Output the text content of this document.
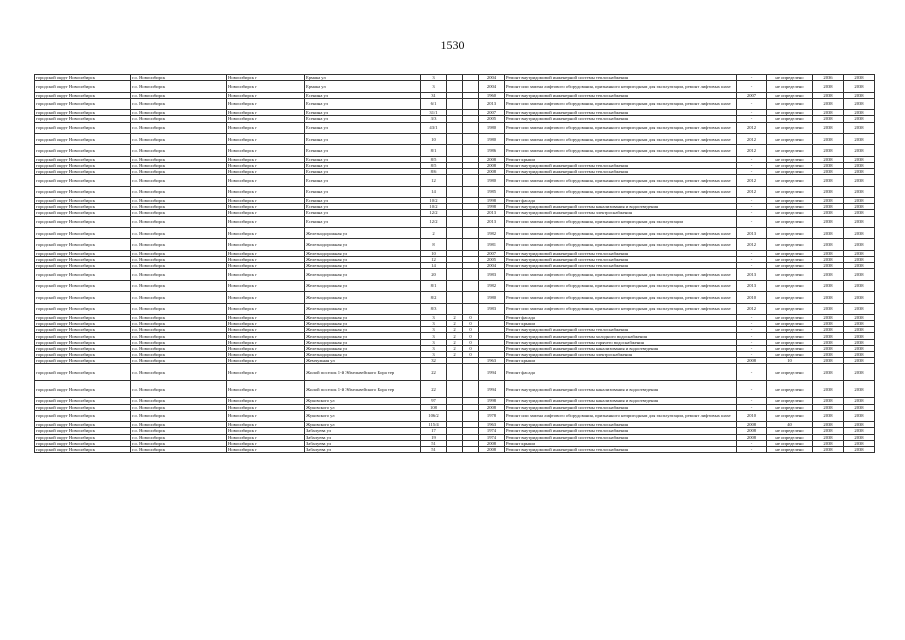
1530
городской округ Новосибирск	г.о. Новосибирск	Новосибирск г	Ермака ул	3			2004	Ремонт внутридомовой инженерной системы теплоснабжения	-	не определено	2036	2038
городской округ Новосибирск	г.о. Новосибирск	Новосибирск г	Ермака ул	3			2004	Ремонт или замена лифтового оборудования, признанного непригодным для эксплуатации, ремонт лифтовых шахт	-	не определено	2038	2038
городской округ Новосибирск	г.о. Новосибирск	Новосибирск г	Есенина ул	31			1960	Ремонт внутридомовой инженерной системы теплоснабжения	2007	не определено	2038	2038
городской округ Новосибирск	г.о. Новосибирск	Новосибирск г	Есенина ул	6/1			2013	Ремонт или замена лифтового оборудования, признанного непригодным для эксплуатации, ремонт лифтовых шахт	-	не определено	2038	2038
городской округ Новосибирск	г.о. Новосибирск	Новосибирск г	Есенина ул	31/1			2007	Ремонт внутридомовой инженерной системы теплоснабжения	-	не определено	2038	2038
городской округ Новосибирск	г.о. Новосибирск	Новосибирск г	Есенина ул	3/3			2005	Ремонт внутридомовой инженерной системы теплоснабжения	-	не определено	2038	2038
городской округ Новосибирск	г.о. Новосибирск	Новосибирск г	Есенина ул	43/1			1980	Ремонт или замена лифтового оборудования, признанного непригодным для эксплуатации, ремонт лифтовых шахт	2012	не определено	2038	2038
городской округ Новосибирск	г.о. Новосибирск	Новосибирск г	Есенина ул	10			1980	Ремонт или замена лифтового оборудования, признанного непригодным для эксплуатации, ремонт лифтовых шахт	2012	не определено	2038	2038
городской округ Новосибирск	г.о. Новосибирск	Новосибирск г	Есенина ул	8/1			1986	Ремонт или замена лифтового оборудования, признанного непригодным для эксплуатации, ремонт лифтовых шахт	2012	не определено	2038	2038
городской округ Новосибирск	г.о. Новосибирск	Новосибирск г	Есенина ул	8/5			2008	Ремонт крыши	-	не определено	2038	2038
городской округ Новосибирск	г.о. Новосибирск	Новосибирск г	Есенина ул	8/5			2008	Ремонт внутридомовой инженерной системы теплоснабжения	-	не определено	2038	2038
городской округ Новосибирск	г.о. Новосибирск	Новосибирск г	Есенина ул	8/6			2008	Ремонт внутридомовой инженерной системы теплоснабжения	-	не определено	2038	2038
городской округ Новосибирск	г.о. Новосибирск	Новосибирск г	Есенина ул	12			1980	Ремонт или замена лифтового оборудования, признанного непригодным для эксплуатации, ремонт лифтовых шахт	2012	не определено	2038	2038
городской округ Новосибирск	г.о. Новосибирск	Новосибирск г	Есенина ул	14			1985	Ремонт или замена лифтового оборудования, признанного непригодным для эксплуатации, ремонт лифтовых шахт	2012	не определено	2038	2038
городской округ Новосибирск	г.о. Новосибирск	Новосибирск г	Есенина ул	10/2			1998	Ремонт фасада	-	не определено	2038	2038
городской округ Новосибирск	г.о. Новосибирск	Новосибирск г	Есенина ул	10/2			1998	Ремонт внутридомовой инженерной системы канализования и водоотведения	-	не определено	2038	2038
городской округ Новосибирск	г.о. Новосибирск	Новосибирск г	Есенина ул	12/2			2013	Ремонт внутридомовой инженерной системы электроснабжения	-	не определено	2038	2038
городской округ Новосибирск	г.о. Новосибирск	Новосибирск г	Есенина ул	12/2			2013	Ремонт или замена лифтового оборудования, признанного непригодным для эксплуатации	-	не определено	2038	2038
городской округ Новосибирск	г.о. Новосибирск	Новосибирск г	Железнодорожная ул	2			1982	Ремонт или замена лифтового оборудования, признанного непригодным для эксплуатации, ремонт лифтовых шахт	2013	не определено	2038	2038
городской округ Новосибирск	г.о. Новосибирск	Новосибирск г	Железнодорожная ул	8			1981	Ремонт или замена лифтового оборудования, признанного непригодным для эксплуатации, ремонт лифтовых шахт	2012	не определено	2038	2038
городской округ Новосибирск	г.о. Новосибирск	Новосибирск г	Железнодорожная ул	10			2007	Ремонт внутридомовой инженерной системы теплоснабжения	-	не определено	2038	2038
городской округ Новосибирск	г.о. Новосибирск	Новосибирск г	Железнодорожная ул	12			2005	Ремонт внутридомовой инженерной системы теплоснабжения	-	не определено	2038	2038
городской округ Новосибирск	г.о. Новосибирск	Новосибирск г	Железнодорожная ул	14			2004	Ремонт внутридомовой инженерной системы теплоснабжения	-	не определено	2038	2038
городской округ Новосибирск	г.о. Новосибирск	Новосибирск г	Железнодорожная ул	20			1983	Ремонт или замена лифтового оборудования, признанного непригодным для эксплуатации, ремонт лифтовых шахт	2013	не определено	2038	2038
городской округ Новосибирск	г.о. Новосибирск	Новосибирск г	Железнодорожная ул	8/1			1982	Ремонт или замена лифтового оборудования, признанного непригодным для эксплуатации, ремонт лифтовых шахт	2013	не определено	2038	2038
городской округ Новосибирск	г.о. Новосибирск	Новосибирск г	Железнодорожная ул	8/2			1980	Ремонт или замена лифтового оборудования, признанного непригодным для эксплуатации, ремонт лифтовых шахт	2010	не определено	2038	2038
городской округ Новосибирск	г.о. Новосибирск	Новосибирск г	Железнодорожная ул	8/3			1983	Ремонт или замена лифтового оборудования, признанного непригодным для эксплуатации, ремонт лифтовых шахт	2012	не определено	2038	2038
городской округ Новосибирск	г.о. Новосибирск	Новосибирск г	Железнодорожная ул	3	2	0		Ремонт фасада	-	не определено	2038	2038
городской округ Новосибирск	г.о. Новосибирск	Новосибирск г	Железнодорожная ул	3	2	0		Ремонт крыши	-	не определено	2038	2038
городской округ Новосибирск	г.о. Новосибирск	Новосибирск г	Железнодорожная ул	3	2	0		Ремонт внутридомовой инженерной системы теплоснабжения	-	не определено	2038	2038
городской округ Новосибирск	г.о. Новосибирск	Новосибирск г	Железнодорожная ул	3	2	0		Ремонт внутридомовой инженерной системы холодного водоснабжения	-	не определено	2038	2038
городской округ Новосибирск	г.о. Новосибирск	Новосибирск г	Железнодорожная ул	3	2	0		Ремонт внутридомовой инженерной системы горячего водоснабжения	-	не определено	2038	2038
городской округ Новосибирск	г.о. Новосибирск	Новосибирск г	Железнодорожная ул	3	2	0		Ремонт внутридомовой инженерной системы канализования и водоотведения	-	не определено	2038	2038
городской округ Новосибирск	г.о. Новосибирск	Новосибирск г	Железнодорожная ул	3	2	0		Ремонт внутридомовой инженерной системы электроснабжения	-	не определено	2038	2038
городской округ Новосибирск	г.о. Новосибирск	Новосибирск г	Жемчужная ул	32			1963	Ремонт крыши	2008	10	2038	2038
городской округ Новосибирск	г.о. Новосибирск	Новосибирск г	Жилой поселок 1-й Эйхельвейского Бора тер	22			1994	Ремонт фасада	-	не определено	2038	2038
городской округ Новосибирск	г.о. Новосибирск	Новосибирск г	Жилой поселок 1-й Эйхельвейского Бора тер	22			1994	Ремонт внутридомовой инженерной системы канализования и водоотведения	-	не определено	2038	2038
городской округ Новосибирск	г.о. Новосибирск	Новосибирск г	Жуковского ул	97			1998	Ремонт внутридомовой инженерной системы канализования и водоотведения	-	не определено	2038	2038
городской округ Новосибирск	г.о. Новосибирск	Новосибирск г	Жуковского ул	108			2008	Ремонт внутридомовой инженерной системы теплоснабжения	-	не определено	2038	2038
городской округ Новосибирск	г.о. Новосибирск	Новосибирск г	Жуковского ул	106/2			1978	Ремонт или замена лифтового оборудования, признанного непригодным для эксплуатации, ремонт лифтовых шахт	2010	не определено	2038	2038
городской округ Новосибирск	г.о. Новосибирск	Новосибирск г	Жуковского ул	115/4			1963	Ремонт внутридомовой инженерной системы теплоснабжения	2008	40	2038	2038
городской округ Новосибирск	г.о. Новосибирск	Новосибирск г	Забалуева ул	17			1974	Ремонт внутридомовой инженерной системы теплоснабжения	2008	не определено	2038	2038
городской округ Новосибирск	г.о. Новосибирск	Новосибирск г	Забалуева ул	19			1974	Ремонт внутридомовой инженерной системы теплоснабжения	2008	не определено	2038	2038
городской округ Новосибирск	г.о. Новосибирск	Новосибирск г	Забалуева ул	51			2008	Ремонт крыши	-	не определено	2038	2038
городской округ Новосибирск	г.о. Новосибирск	Новосибирск г	Забалуева ул	51			2008	Ремонт внутридомовой инженерной системы теплоснабжения	-	не определено	2038	2038
